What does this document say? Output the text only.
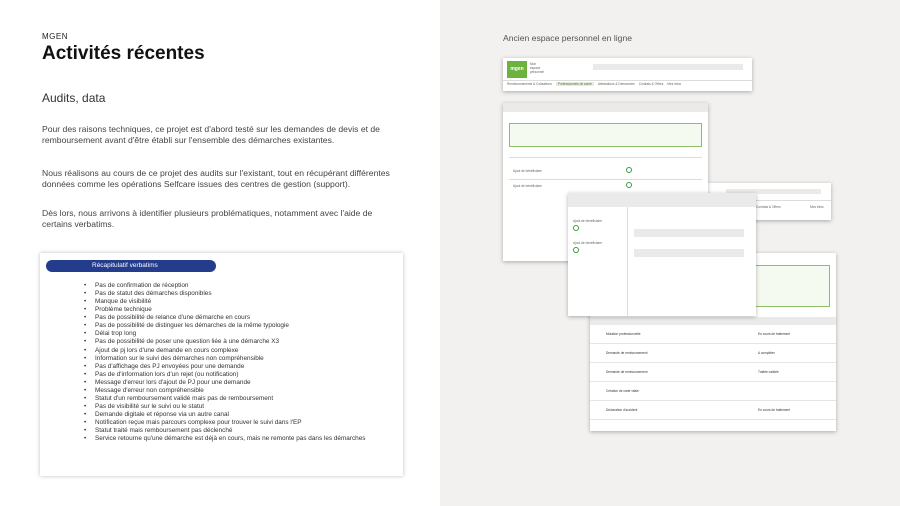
MGEN
Activités récentes
Audits, data

Pour des raisons techniques, ce projet est d'abord testé sur les demandes de devis et de remboursement avant d'être établi sur l'ensemble des démarches existantes.

Nous réalisons au cours de ce projet des audits sur l'existant, tout en récupérant différentes données comme les opérations Selfcare issues des centres de gestion (support).

Dès lors, nous arrivons à identifier plusieurs problématiques, notamment avec l'aide de certains verbatims.

Récapitulatif verbatims
• Pas de confirmation de réception
• Pas de statut des démarches disponibles
• Manque de visibilité
• Problème technique
• Pas de possibilité de relance d'une démarche en cours
• Pas de possibilité de distinguer les démarches de la même typologie
• Délai trop long
• Pas de possibilité de poser une question liée à une démarche X3
• Ajout de pj lors d'une demande en cours complexe
• Information sur le suivi des démarches non compréhensible
• Pas d'affichage des PJ envoyées pour une demande
• Pas de d'information lors d'un rejet (ou notification)
• Message d'erreur lors d'ajout de PJ pour une demande
• Message d'erreur non compréhensible
• Statut d'un remboursement validé mais pas de remboursement
• Pas de visibilité sur le suivi ou le statut
• Demande digitale et réponse via un autre canal
• Notification reçue mais parcours complexe pour trouver le suivi dans l'EP
• Statut traité mais remboursement pas déclenché
• Service retourne qu'une démarche est déjà en cours, mais ne remonte pas dans les démarches
Ancien espace personnel en ligne
mgen
Mon
espace
personnel
Remboursements & Cotisations	Professionnels de santé	Attestations & Démarches Contrats & Offres Mes infos
Contrats & Offres	Mes infos
Ajout de bénéficiaire
Ajout de bénéficiaire
Mutation professionnelle	En cours de traitement
Demande de remboursement	A compléter
Demande de remboursement	Traitée validée
Création de carte vitale
Déclaration d'accident	En cours de traitement
Ajout de bénéficiaire
Ajout de bénéficiaire
